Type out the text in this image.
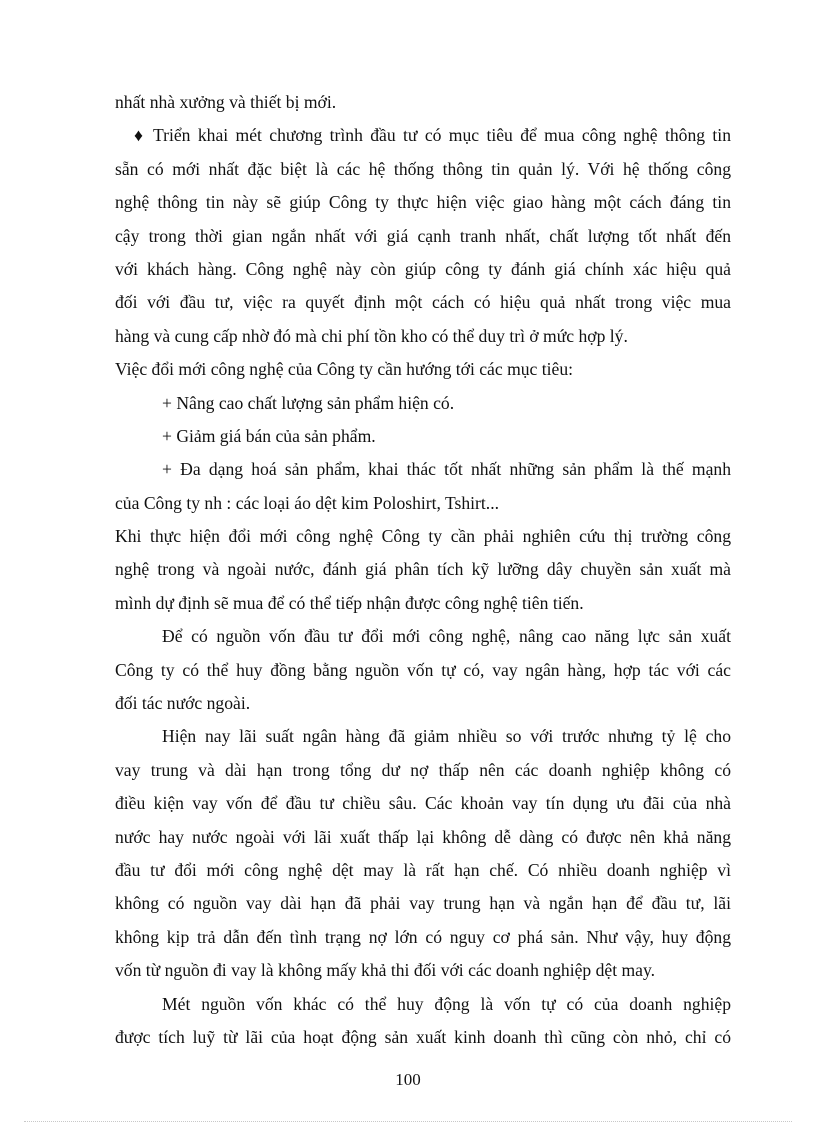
nhất nhà xưởng và thiết bị mới.
♦ Triển khai mét chương trình đầu tư có mục tiêu để mua công nghệ thông tin
sẵn có mới nhất đặc biệt là các hệ thống thông tin quản lý. Với hệ thống công
nghệ thông tin này sẽ giúp Công ty thực hiện việc giao hàng một cách đáng tin
cậy trong thời gian ngắn nhất với giá cạnh tranh nhất, chất lượng tốt nhất đến
với khách hàng. Công nghệ này còn giúp công ty đánh giá chính xác hiệu quả
đối với đầu tư, việc ra quyết định một cách có hiệu quả nhất trong việc mua
hàng và cung cấp nhờ đó mà chi phí tồn kho có thể duy trì ở mức hợp lý.
Việc đổi mới công nghệ của Công ty cần hướng tới các mục tiêu:
+ Nâng cao chất lượng sản phẩm hiện có.
+ Giảm giá bán của sản phẩm.
+ Đa dạng hoá sản phẩm, khai thác tốt nhất những sản phẩm là thế mạnh
của Công ty nh : các loại áo dệt kim Poloshirt, Tshirt...
Khi thực hiện đổi mới công nghệ Công ty cần phải nghiên cứu thị trường công
nghệ trong và ngoài nước, đánh giá phân tích kỹ lưỡng dây chuyền sản xuất mà
mình dự định sẽ mua để có thể tiếp nhận được công nghệ tiên tiến.
Để có nguồn vốn đầu tư đổi mới công nghệ, nâng cao năng lực sản xuất
Công ty có thể huy đồng bằng nguồn vốn tự có, vay ngân hàng, hợp tác với các
đối tác nước ngoài.
Hiện nay lãi suất ngân hàng đã giảm nhiều so với trước nhưng tỷ lệ cho
vay trung và dài hạn trong tổng dư nợ thấp nên các doanh nghiệp không có
điều kiện vay vốn để đầu tư chiều sâu. Các khoản vay tín dụng ưu đãi của nhà
nước hay nước ngoài với lãi xuất thấp lại không dễ dàng có được nên khả năng
đầu tư đổi mới công nghệ dệt may là rất hạn chế. Có nhiều doanh nghiệp vì
không có nguồn vay dài hạn đã phải vay trung hạn và ngắn hạn để đầu tư, lãi
không kịp trả dẫn đến tình trạng nợ lớn có nguy cơ phá sản. Như vậy, huy động
vốn từ nguồn đi vay là không mấy khả thi đối với các doanh nghiệp dệt may.
Mét nguồn vốn khác có thể huy động là vốn tự có của doanh nghiệp
được tích luỹ từ lãi của hoạt động sản xuất kinh doanh thì cũng còn nhỏ, chỉ có
100
